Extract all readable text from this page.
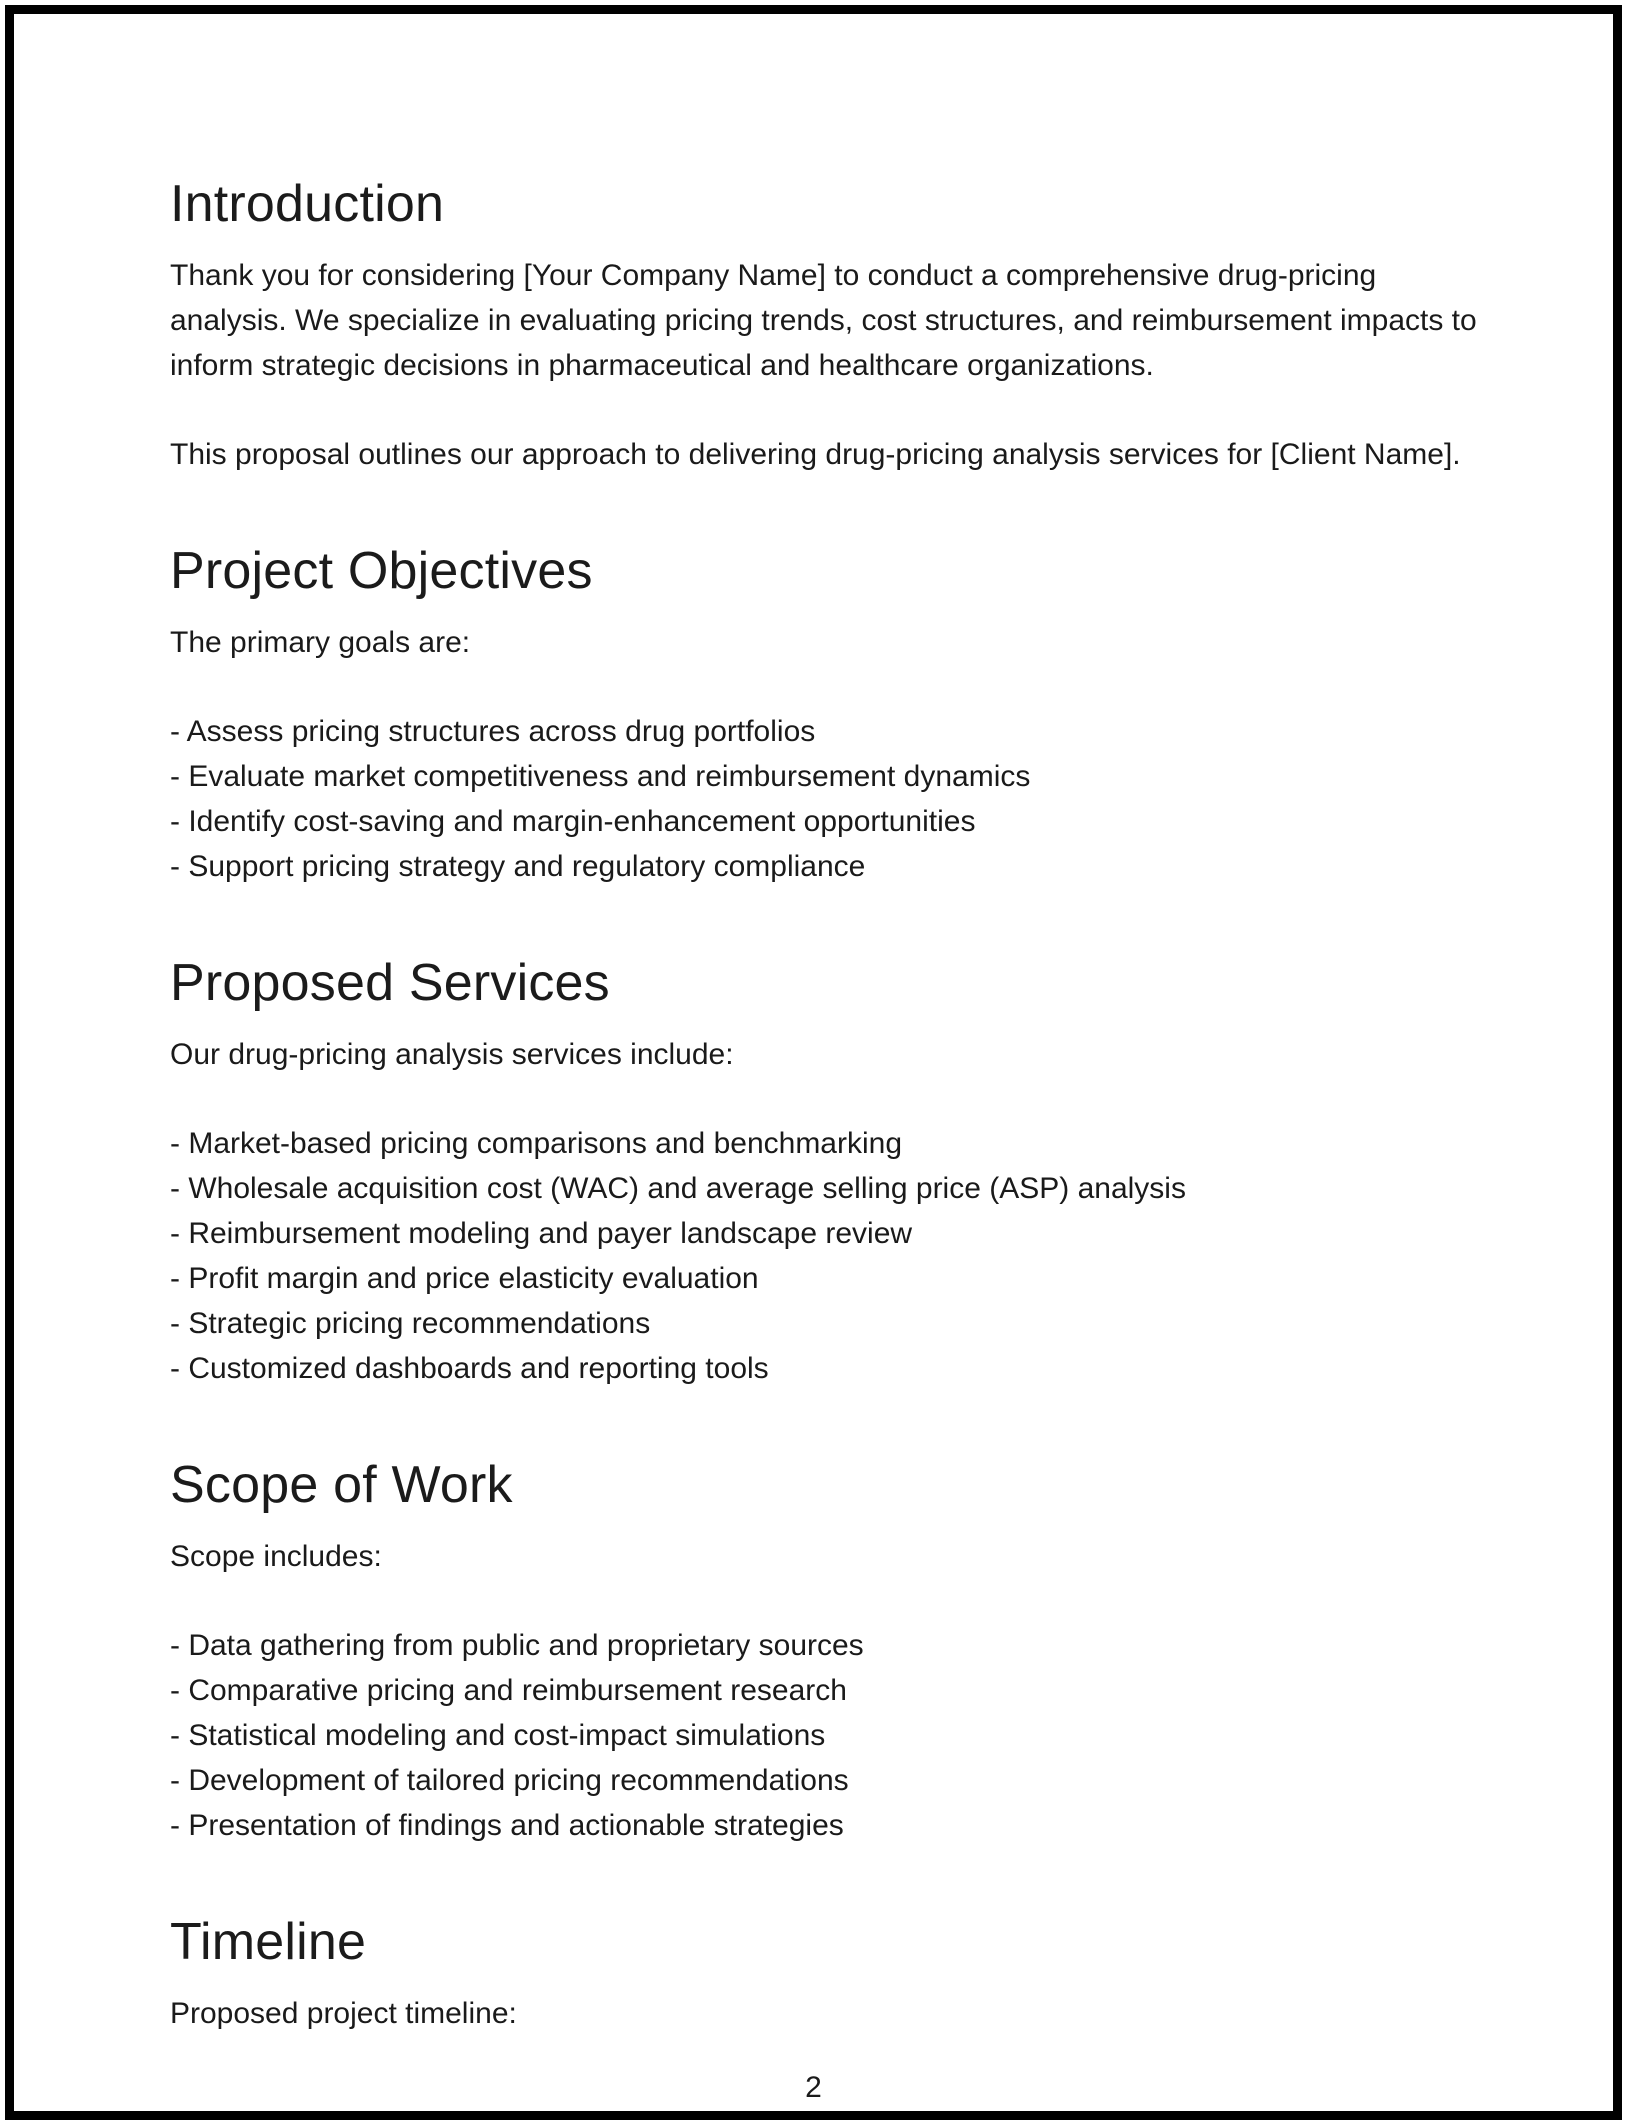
Introduction

Thank you for considering [Your Company Name] to conduct a comprehensive drug-pricing analysis. We specialize in evaluating pricing trends, cost structures, and reimbursement impacts to inform strategic decisions in pharmaceutical and healthcare organizations.

This proposal outlines our approach to delivering drug-pricing analysis services for [Client Name].

Project Objectives

The primary goals are:

- Assess pricing structures across drug portfolios

- Evaluate market competitiveness and reimbursement dynamics

- Identify cost-saving and margin-enhancement opportunities

- Support pricing strategy and regulatory compliance

Proposed Services

Our drug-pricing analysis services include:

- Market-based pricing comparisons and benchmarking

- Wholesale acquisition cost (WAC) and average selling price (ASP) analysis

- Reimbursement modeling and payer landscape review

- Profit margin and price elasticity evaluation

- Strategic pricing recommendations

- Customized dashboards and reporting tools

Scope of Work

Scope includes:

- Data gathering from public and proprietary sources

- Comparative pricing and reimbursement research

- Statistical modeling and cost-impact simulations

- Development of tailored pricing recommendations

- Presentation of findings and actionable strategies

Timeline

Proposed project timeline:

2
